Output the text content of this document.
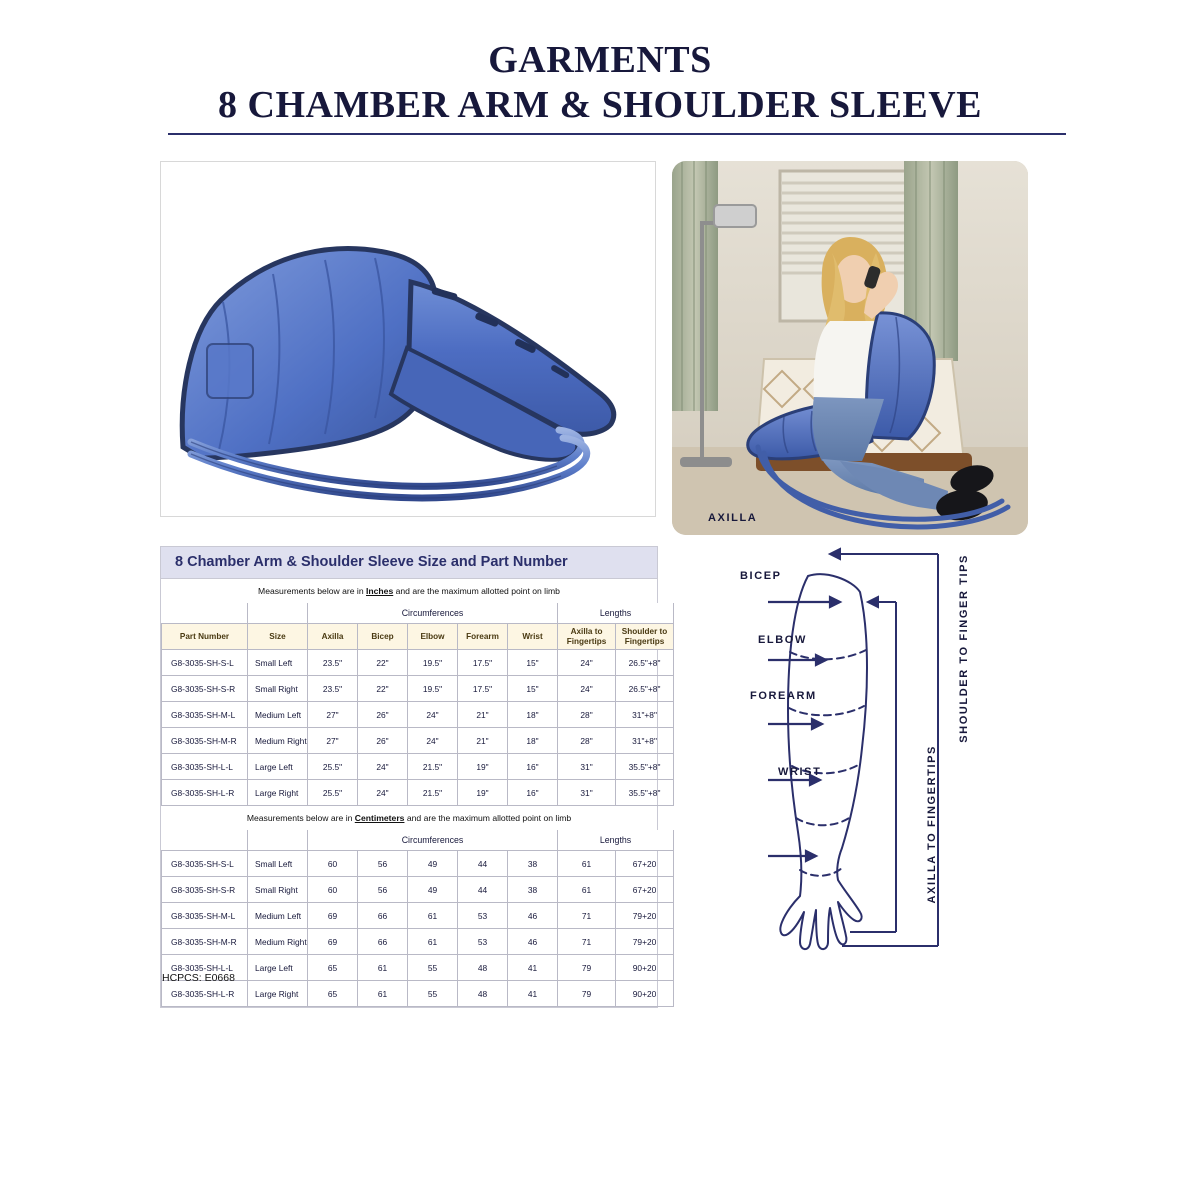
GARMENTS
8 CHAMBER ARM & SHOULDER SLEEVE
8 Chamber Arm & Shoulder Sleeve Size and Part Number
Measurements below are in Inches and are the maximum allotted point on limb
		Circumferences					Lengths	
Part Number	Size	Axilla	Bicep	Elbow	Forearm	Wrist	Axilla to Fingertips	Shoulder to Fingertips
G8-3035-SH-S-L	Small Left	23.5"	22"	19.5"	17.5"	15"	24"	26.5"+8"
G8-3035-SH-S-R	Small Right	23.5"	22"	19.5"	17.5"	15"	24"	26.5"+8"
G8-3035-SH-M-L	Medium Left	27"	26"	24"	21"	18"	28"	31"+8"
G8-3035-SH-M-R	Medium Right	27"	26"	24"	21"	18"	28"	31"+8"
G8-3035-SH-L-L	Large Left	25.5"	24"	21.5"	19"	16"	31"	35.5"+8"
G8-3035-SH-L-R	Large Right	25.5"	24"	21.5"	19"	16"	31"	35.5"+8"
Measurements below are in Centimeters and are the maximum allotted point on limb
		Circumferences					Lengths	
G8-3035-SH-S-L	Small Left	60	56	49	44	38	61	67+20
G8-3035-SH-S-R	Small Right	60	56	49	44	38	61	67+20
G8-3035-SH-M-L	Medium Left	69	66	61	53	46	71	79+20
G8-3035-SH-M-R	Medium Right	69	66	61	53	46	71	79+20
G8-3035-SH-L-L	Large Left	65	61	55	48	41	79	90+20
G8-3035-SH-L-R	Large Right	65	61	55	48	41	79	90+20
HCPCS: E0668
AXILLA
BICEP
ELBOW
FOREARM
WRIST
SHOULDER TO FINGER TIPS
AXILLA TO FINGERTIPS
